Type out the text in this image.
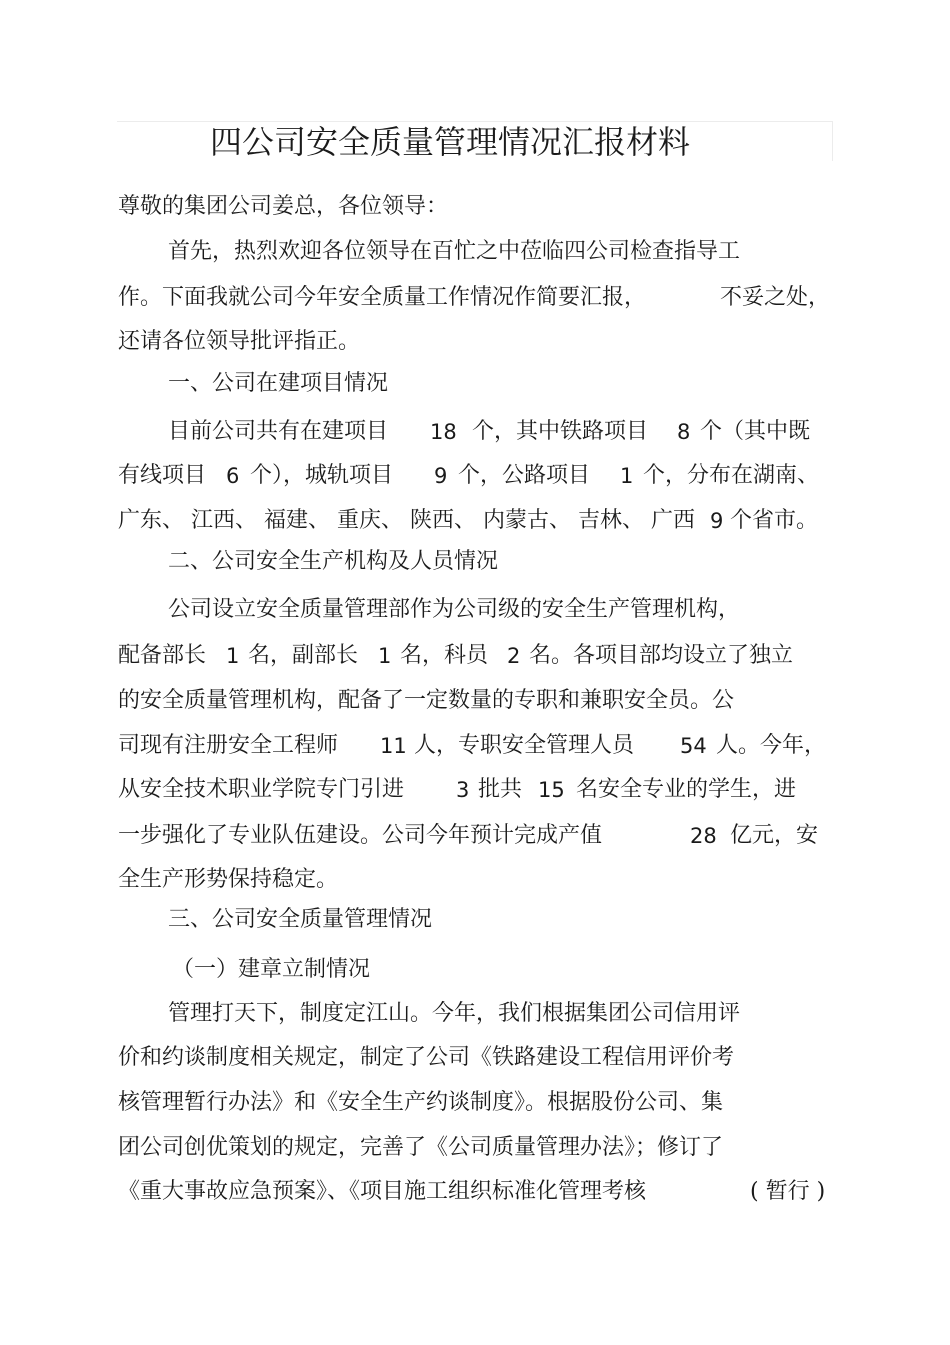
四公司安全质量管理情况汇报材料
尊敬的集团公司姜总，各位领导：
首先，热烈欢迎各位领导在百忙之中莅临四公司检查指导工
作。下面我就公司今年安全质量工作情况作简要汇报，	不妥之处，
还请各位领导批评指正。
一、公司在建项目情况
目前公司共有在建项目 18 个，其中铁路项目 8 个（其中既
有线项目 6 个），城轨项目 9 个，公路项目 1 个，分布在湖南、
广东、 江西、 福建、 重庆、 陕西、 内蒙古、 吉林、 广西 9 个省市。
二、公司安全生产机构及人员情况
公司设立安全质量管理部作为公司级的安全生产管理机构，
配备部长 1 名，副部长 1 名，科员 2 名。各项目部均设立了独立
的安全质量管理机构，配备了一定数量的专职和兼职安全员。公
司现有注册安全工程师 11 人，专职安全管理人员 54 人。今年，
从安全技术职业学院专门引进 3 批共 15 名安全专业的学生，进
一步强化了专业队伍建设。公司今年预计完成产值	28 亿元，安
全生产形势保持稳定。
三、公司安全质量管理情况
（一）建章立制情况
管理打天下，制度定江山。今年，我们根据集团公司信用评
价和约谈制度相关规定，制定了公司《铁路建设工程信用评价考
核管理暂行办法》和《安全生产约谈制度》。根据股份公司、集
团公司创优策划的规定，完善了《公司质量管理办法》；修订了
《重大事故应急预案》、《项目施工组织标准化管理考核	( 暂行 )
